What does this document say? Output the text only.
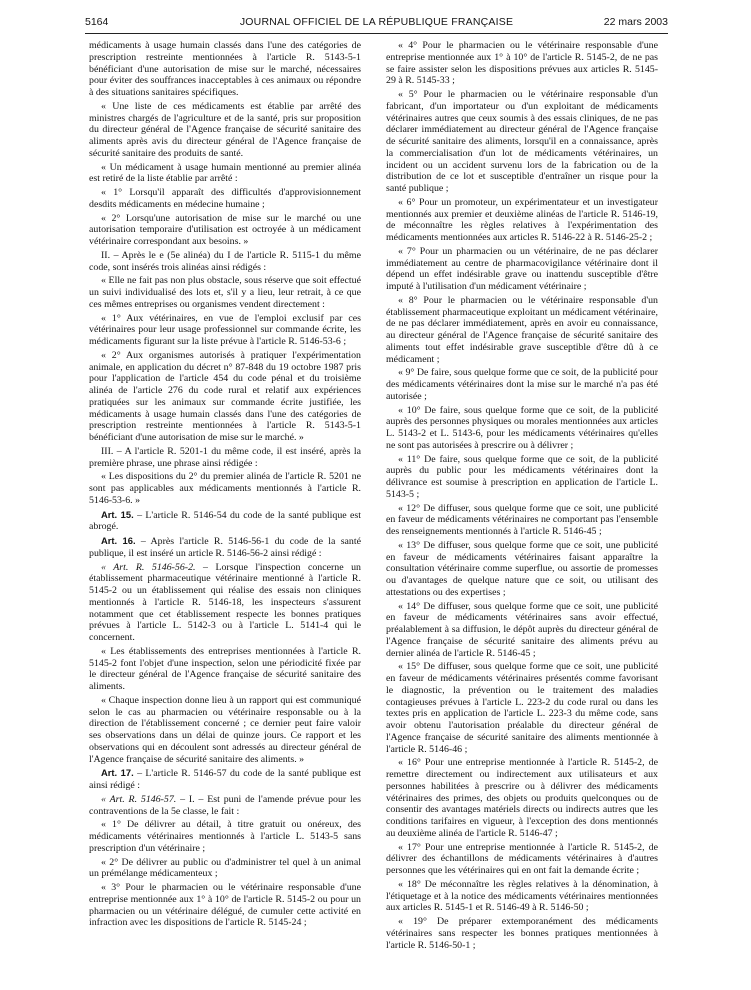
5164	JOURNAL OFFICIEL DE LA RÉPUBLIQUE FRANÇAISE	22 mars 2003

médicaments à usage humain classés dans l'une des catégories de prescription restreinte mentionnées à l'article R. 5143-5-1 bénéficiant d'une autorisation de mise sur le marché, nécessaires pour éviter des souffrances inacceptables à ces animaux ou répondre à des situations sanitaires spécifiques.

« Une liste de ces médicaments est établie par arrêté des ministres chargés de l'agriculture et de la santé, pris sur proposition du directeur général de l'Agence française de sécurité sanitaire des aliments après avis du directeur général de l'Agence française de sécurité sanitaire des produits de santé.

« Un médicament à usage humain mentionné au premier alinéa est retiré de la liste établie par arrêté :

« 1° Lorsqu'il apparaît des difficultés d'approvisionnement desdits médicaments en médecine humaine ;

« 2° Lorsqu'une autorisation de mise sur le marché ou une autorisation temporaire d'utilisation est octroyée à un médicament vétérinaire correspondant aux besoins. »

II. – Après le e (5e alinéa) du I de l'article R. 5115-1 du même code, sont insérés trois alinéas ainsi rédigés :

« Elle ne fait pas non plus obstacle, sous réserve que soit effectué un suivi individualisé des lots et, s'il y a lieu, leur retrait, à ce que ces mêmes entreprises ou organismes vendent directement :

« 1° Aux vétérinaires, en vue de l'emploi exclusif par ces vétérinaires pour leur usage professionnel sur commande écrite, les médicaments figurant sur la liste prévue à l'article R. 5146-53-6 ;

« 2° Aux organismes autorisés à pratiquer l'expérimentation animale, en application du décret n° 87-848 du 19 octobre 1987 pris pour l'application de l'article 454 du code pénal et du troisième alinéa de l'article 276 du code rural et relatif aux expériences pratiquées sur les animaux sur commande écrite justifiée, les médicaments à usage humain classés dans l'une des catégories de prescription restreinte mentionnées à l'article R. 5143-5-1 bénéficiant d'une autorisation de mise sur le marché. »

III. – A l'article R. 5201-1 du même code, il est inséré, après la première phrase, une phrase ainsi rédigée :

« Les dispositions du 2° du premier alinéa de l'article R. 5201 ne sont pas applicables aux médicaments mentionnés à l'article R. 5146-53-6. »

Art. 15. – L'article R. 5146-54 du code de la santé publique est abrogé.

Art. 16. – Après l'article R. 5146-56-1 du code de la santé publique, il est inséré un article R. 5146-56-2 ainsi rédigé :

« Art. R. 5146-56-2. – Lorsque l'inspection concerne un établissement pharmaceutique vétérinaire mentionné à l'article R. 5145-2 ou un établissement qui réalise des essais non cliniques mentionnés à l'article R. 5146-18, les inspecteurs s'assurent notamment que cet établissement respecte les bonnes pratiques prévues à l'article L. 5142-3 ou à l'article L. 5141-4 qui le concernent.

« Les établissements des entreprises mentionnées à l'article R. 5145-2 font l'objet d'une inspection, selon une périodicité fixée par le directeur général de l'Agence française de sécurité sanitaire des aliments.

« Chaque inspection donne lieu à un rapport qui est communiqué selon le cas au pharmacien ou vétérinaire responsable ou à la direction de l'établissement concerné ; ce dernier peut faire valoir ses observations dans un délai de quinze jours. Ce rapport et les observations qui en découlent sont adressés au directeur général de l'Agence française de sécurité sanitaire des aliments. »

Art. 17. – L'article R. 5146-57 du code de la santé publique est ainsi rédigé :

« Art. R. 5146-57. – I. – Est puni de l'amende prévue pour les contraventions de la 5e classe, le fait :

« 1° De délivrer au détail, à titre gratuit ou onéreux, des médicaments vétérinaires mentionnés à l'article L. 5143-5 sans prescription d'un vétérinaire ;

« 2° De délivrer au public ou d'administrer tel quel à un animal un prémélange médicamenteux ;

« 3° Pour le pharmacien ou le vétérinaire responsable d'une entreprise mentionnée aux 1° à 10° de l'article R. 5145-2 ou pour un pharmacien ou un vétérinaire délégué, de cumuler cette activité en infraction avec les dispositions de l'article R. 5145-24 ;

« 4° Pour le pharmacien ou le vétérinaire responsable d'une entreprise mentionnée aux 1° à 10° de l'article R. 5145-2, de ne pas se faire assister selon les dispositions prévues aux articles R. 5145-29 à R. 5145-33 ;

« 5° Pour le pharmacien ou le vétérinaire responsable d'un fabricant, d'un importateur ou d'un exploitant de médicaments vétérinaires autres que ceux soumis à des essais cliniques, de ne pas déclarer immédiatement au directeur général de l'Agence française de sécurité sanitaire des aliments, lorsqu'il en a connaissance, après la commercialisation d'un lot de médicaments vétérinaires, un incident ou un accident survenu lors de la fabrication ou de la distribution de ce lot et susceptible d'entraîner un risque pour la santé publique ;

« 6° Pour un promoteur, un expérimentateur et un investigateur mentionnés aux premier et deuxième alinéas de l'article R. 5146-19, de méconnaître les règles relatives à l'expérimentation des médicaments mentionnées aux articles R. 5146-22 à R. 5146-25-2 ;

« 7° Pour un pharmacien ou un vétérinaire, de ne pas déclarer immédiatement au centre de pharmacovigilance vétérinaire dont il dépend un effet indésirable grave ou inattendu susceptible d'être imputé à l'utilisation d'un médicament vétérinaire ;

« 8° Pour le pharmacien ou le vétérinaire responsable d'un établissement pharmaceutique exploitant un médicament vétérinaire, de ne pas déclarer immédiatement, après en avoir eu connaissance, au directeur général de l'Agence française de sécurité sanitaire des aliments tout effet indésirable grave susceptible d'être dû à ce médicament ;

« 9° De faire, sous quelque forme que ce soit, de la publicité pour des médicaments vétérinaires dont la mise sur le marché n'a pas été autorisée ;

« 10° De faire, sous quelque forme que ce soit, de la publicité auprès des personnes physiques ou morales mentionnées aux articles L. 5143-2 et L. 5143-6, pour les médicaments vétérinaires qu'elles ne sont pas autorisées à prescrire ou à délivrer ;

« 11° De faire, sous quelque forme que ce soit, de la publicité auprès du public pour les médicaments vétérinaires dont la délivrance est soumise à prescription en application de l'article L. 5143-5 ;

« 12° De diffuser, sous quelque forme que ce soit, une publicité en faveur de médicaments vétérinaires ne comportant pas l'ensemble des renseignements mentionnés à l'article R. 5146-45 ;

« 13° De diffuser, sous quelque forme que ce soit, une publicité en faveur de médicaments vétérinaires faisant apparaître la consultation vétérinaire comme superflue, ou assortie de promesses ou d'avantages de quelque nature que ce soit, ou utilisant des attestations ou des expertises ;

« 14° De diffuser, sous quelque forme que ce soit, une publicité en faveur de médicaments vétérinaires sans avoir effectué, préalablement à sa diffusion, le dépôt auprès du directeur général de l'Agence française de sécurité sanitaire des aliments prévu au dernier alinéa de l'article R. 5146-45 ;

« 15° De diffuser, sous quelque forme que ce soit, une publicité en faveur de médicaments vétérinaires présentés comme favorisant le diagnostic, la prévention ou le traitement des maladies contagieuses prévues à l'article L. 223-2 du code rural ou dans les textes pris en application de l'article L. 223-3 du même code, sans avoir obtenu l'autorisation préalable du directeur général de l'Agence française de sécurité sanitaire des aliments mentionnée à l'article R. 5146-46 ;

« 16° Pour une entreprise mentionnée à l'article R. 5145-2, de remettre directement ou indirectement aux utilisateurs et aux personnes habilitées à prescrire ou à délivrer des médicaments vétérinaires des primes, des objets ou produits quelconques ou de consentir des avantages matériels directs ou indirects autres que les conditions tarifaires en vigueur, à l'exception des dons mentionnés au deuxième alinéa de l'article R. 5146-47 ;

« 17° Pour une entreprise mentionnée à l'article R. 5145-2, de délivrer des échantillons de médicaments vétérinaires à d'autres personnes que les vétérinaires qui en ont fait la demande écrite ;

« 18° De méconnaître les règles relatives à la dénomination, à l'étiquetage et à la notice des médicaments vétérinaires mentionnées aux articles R. 5145-1 et R. 5146-49 à R. 5146-50 ;

« 19° De préparer extemporanément des médicaments vétérinaires sans respecter les bonnes pratiques mentionnées à l'article R. 5146-50-1 ;
